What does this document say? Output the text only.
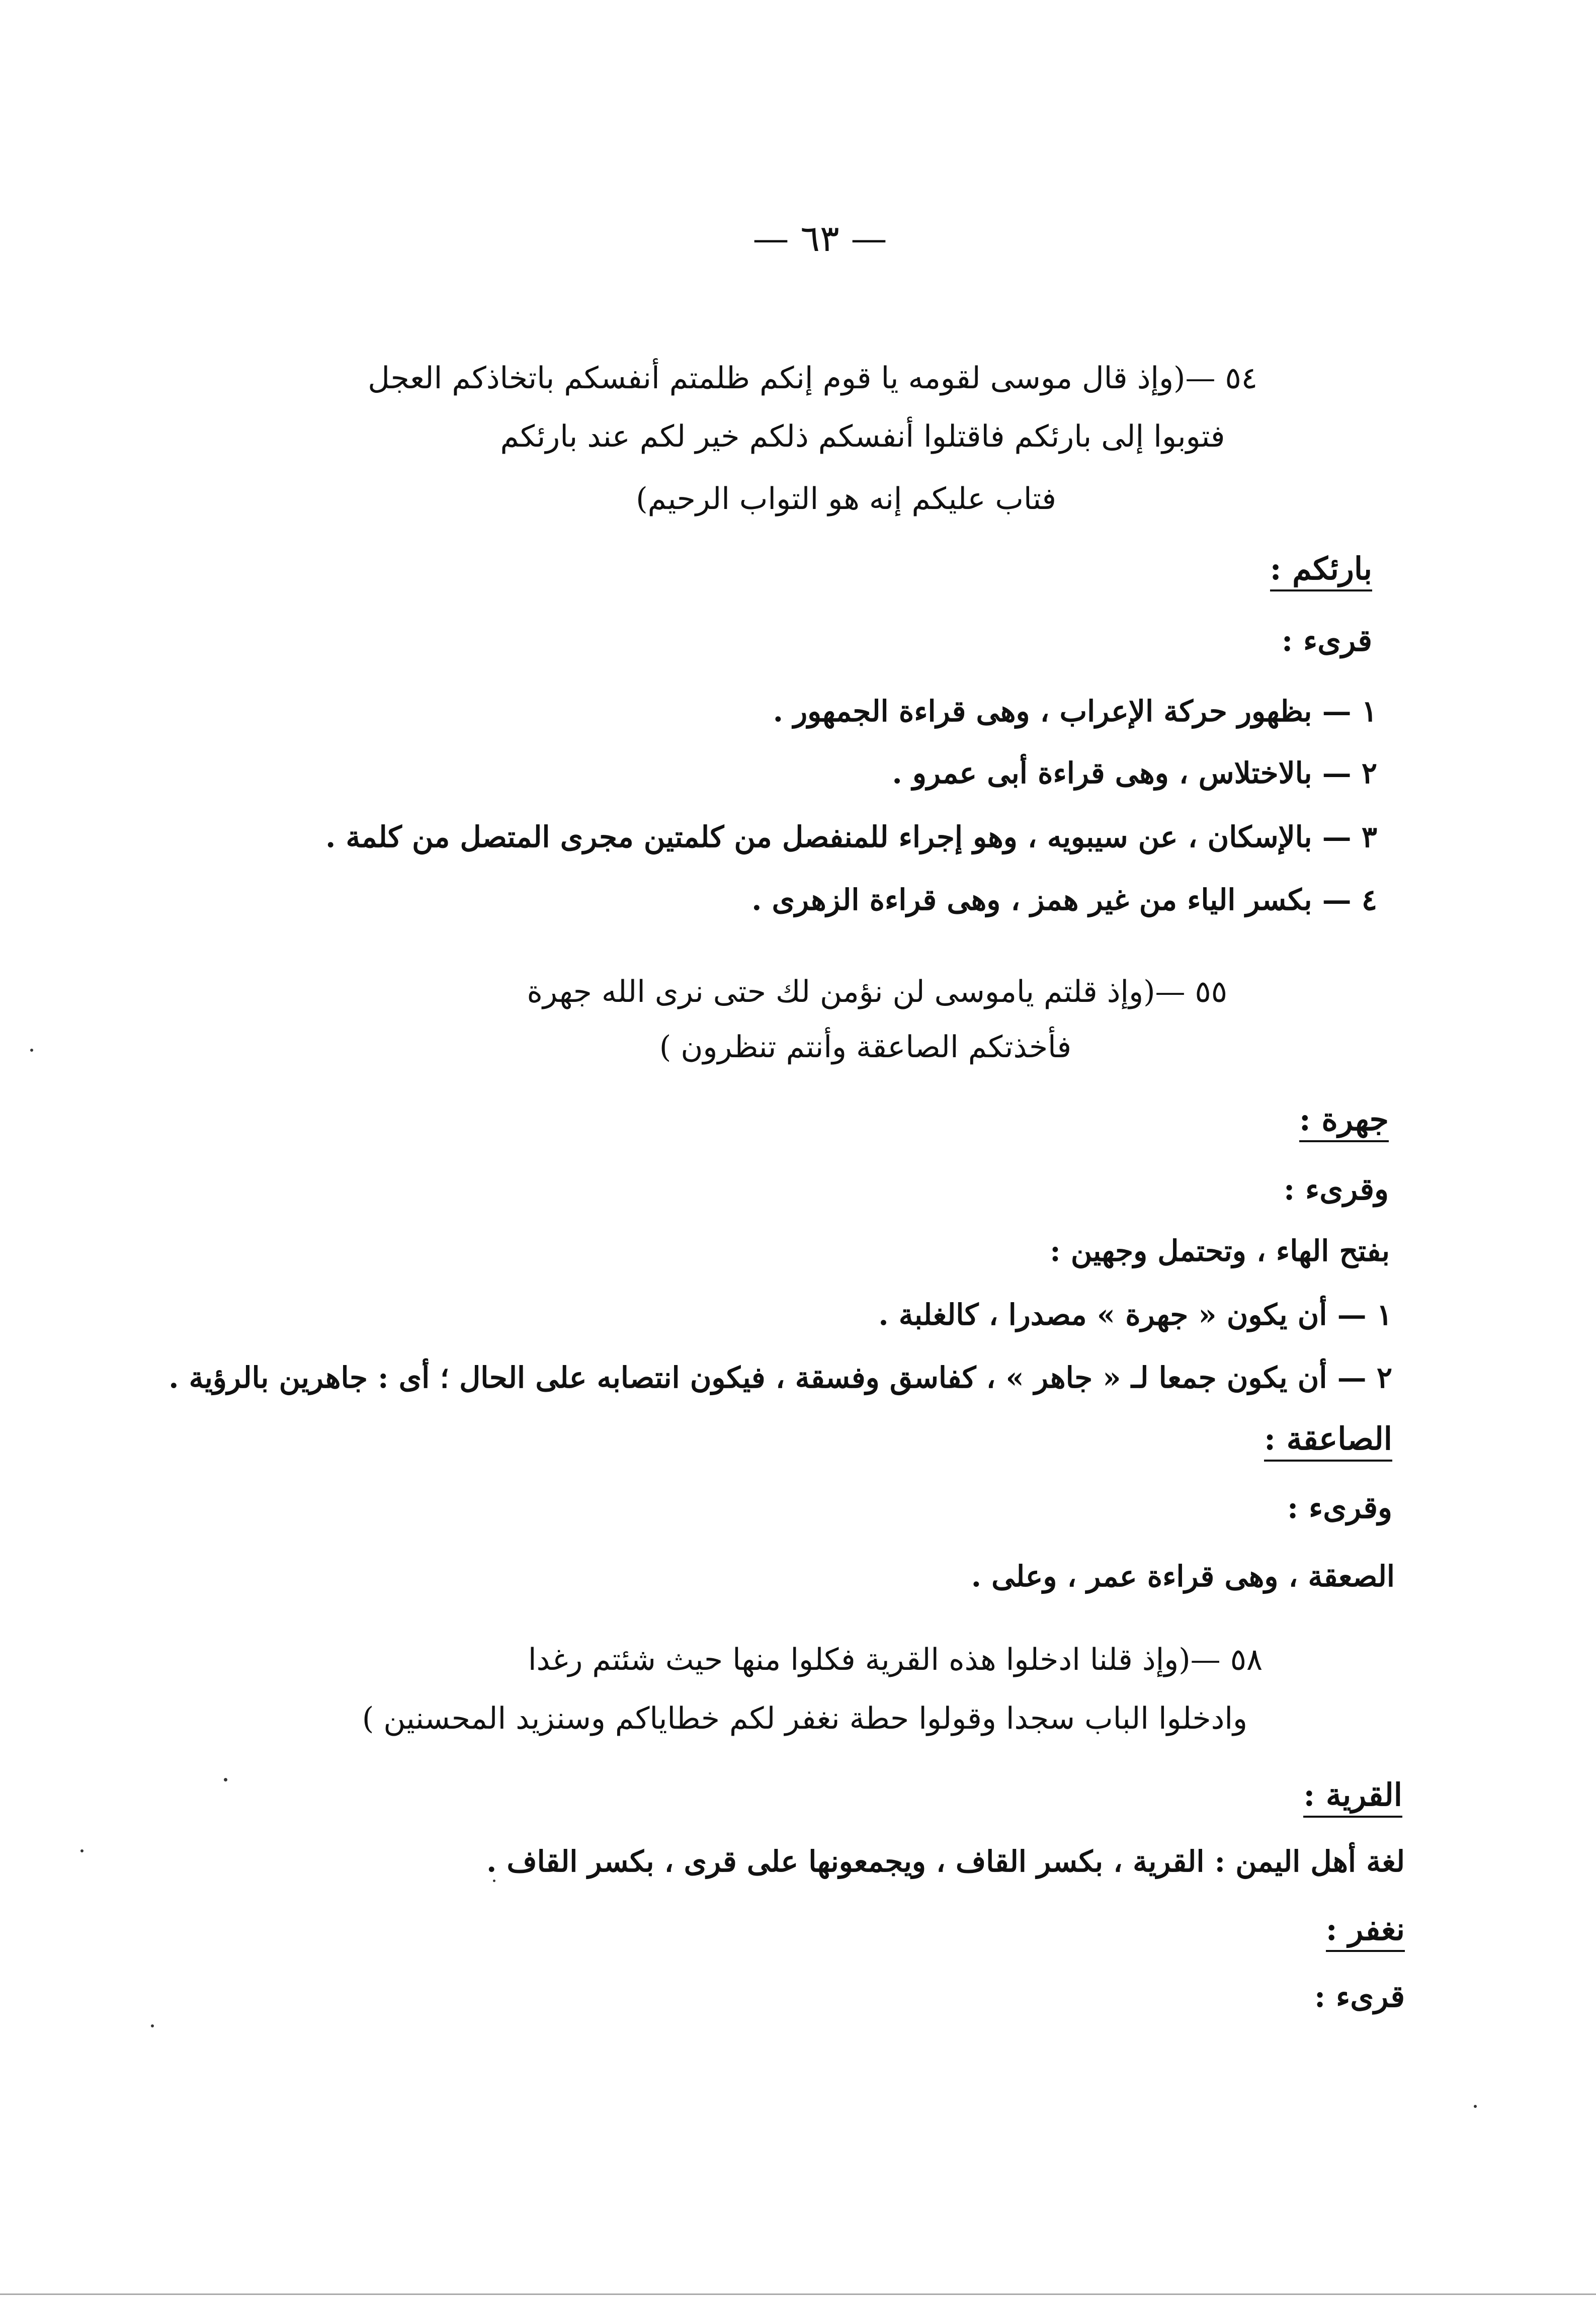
— ٦٣ —
٥٤ —(وإذ قال موسى لقومه يا قوم إنكم ظلمتم أنفسكم باتخاذكم العجل
فتوبوا إلى بارئكم فاقتلوا أنفسكم ذلكم خير لكم عند بارئكم
فتاب عليكم إنه هو التواب الرحيم)
بارئكم :
قرىء :
١ — بظهور حركة الإعراب ، وهى قراءة الجمهور .
٢ — بالاختلاس ، وهى قراءة أبى عمرو .
٣ — بالإسكان ، عن سيبويه ، وهو إجراء للمنفصل من كلمتين مجرى المتصل من كلمة .
٤ — بكسر الياء من غير همز ، وهى قراءة الزهرى .
٥٥ —(وإذ قلتم ياموسى لن نؤمن لك حتى نرى الله جهرة
فأخذتكم الصاعقة وأنتم تنظرون )
جهرة :
وقرىء :
بفتح الهاء ، وتحتمل وجهين :
١ — أن يكون « جهرة » مصدرا ، كالغلبة .
٢ — أن يكون جمعا لـ « جاهر » ، كفاسق وفسقة ، فيكون انتصابه على الحال ؛ أى : جاهرين بالرؤية .
الصاعقة :
وقرىء :
الصعقة ، وهى قراءة عمر ، وعلى .
٥٨ —(وإذ قلنا ادخلوا هذه القرية فكلوا منها حيث شئتم رغدا
وادخلوا الباب سجدا وقولوا حطة نغفر لكم خطاياكم وسنزيد المحسنين )
القرية :
لغة أهل اليمن : القرية ، بكسر القاف ، ويجمعونها على قرى ، بكسر القاف .
نغفر :
قرىء :
